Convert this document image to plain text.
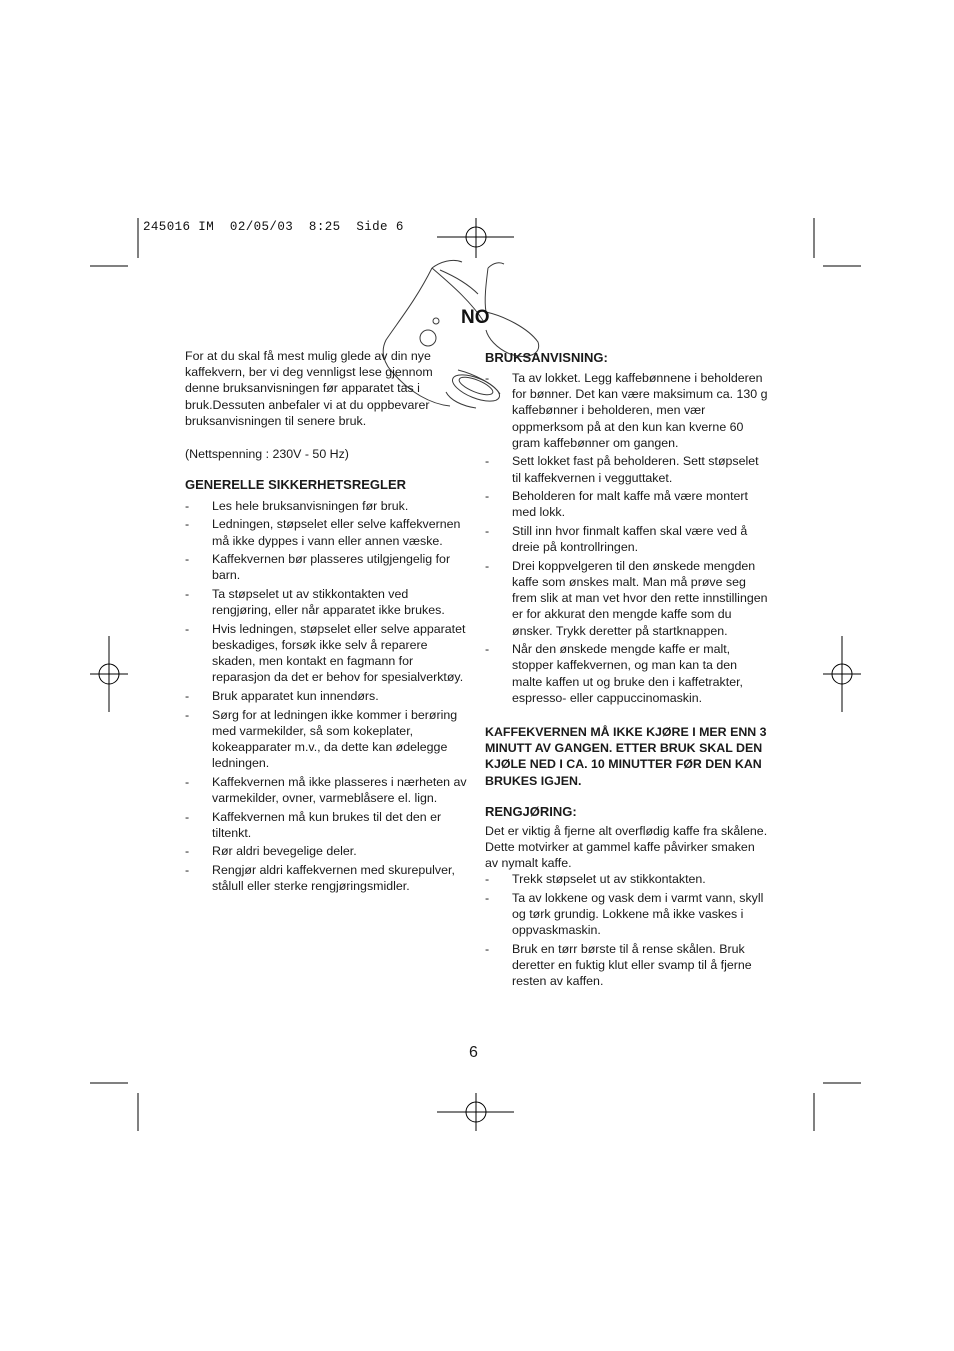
245016 IM  02/05/03  8:25  Side 6
NO

For at du skal få mest mulig glede av din nye kaffekvern, ber vi deg vennligst lese gjennom denne bruksanvisningen før apparatet tas i bruk.Dessuten anbefaler vi at du oppbevarer bruksanvisningen til senere bruk.

(Nettspenning : 230V - 50 Hz)

GENERELLE SIKKERHETSREGLER
- Les hele bruksanvisningen før bruk.
- Ledningen, støpselet eller selve kaffekvernen må ikke dyppes i vann eller annen væske.
- Kaffekvernen bør plasseres utilgjengelig for barn.
- Ta støpselet ut av stikkontakten ved rengjøring, eller når apparatet ikke brukes.
- Hvis ledningen, støpselet eller selve apparatet beskadiges, forsøk ikke selv å reparere skaden, men kontakt en fagmann for reparasjon da det er behov for spesialverktøy.
- Bruk apparatet kun innendørs.
- Sørg for at ledningen ikke kommer i berøring med varmekilder, så som kokeplater, kokeapparater m.v., da dette kan ødelegge ledningen.
- Kaffekvernen må ikke plasseres i nærheten av varmekilder, ovner, varmeblåsere el. lign.
- Kaffekvernen må kun brukes til det den er tiltenkt.
- Rør aldri bevegelige deler.
- Rengjør aldri kaffekvernen med skurepulver, stålull eller sterke rengjøringsmidler.
BRUKSANVISNING:
- Ta av lokket. Legg kaffebønnene i beholderen for bønner. Det kan være maksimum ca. 130 g kaffebønner i beholderen, men vær oppmerksom på at den kun kan kverne 60 gram kaffebønner om gangen.
- Sett lokket fast på beholderen. Sett støpselet til kaffekvernen i vegguttaket.
- Beholderen for malt kaffe må være montert med lokk.
- Still inn hvor finmalt kaffen skal være ved å dreie på kontrollringen.
- Drei koppvelgeren til den ønskede mengden kaffe som ønskes malt. Man må prøve seg frem slik at man vet hvor den rette innstillingen er for akkurat den mengde kaffe som du ønsker. Trykk deretter på startknappen.
- Når den ønskede mengde kaffe er malt, stopper kaffekvernen, og man kan ta den malte kaffen ut og bruke den i kaffetrakter, espresso- eller cappuccinomaskin.

KAFFEKVERNEN MÅ IKKE KJØRE I MER ENN 3 MINUTT AV GANGEN. ETTER BRUK SKAL DEN KJØLE NED I CA. 10 MINUTTER FØR DEN KAN BRUKES IGJEN.

RENGJØRING:

Det er viktig å fjerne alt overflødig kaffe fra skålene. Dette motvirker at gammel kaffe påvirker smaken av nymalt kaffe.

- Trekk støpselet ut av stikkontakten.
- Ta av lokkene og vask dem i varmt vann, skyll og tørk grundig. Lokkene må ikke vaskes i oppvaskmaskin.
- Bruk en tørr børste til å rense skålen. Bruk deretter en fuktig klut eller svamp til å fjerne resten av kaffen.
6
